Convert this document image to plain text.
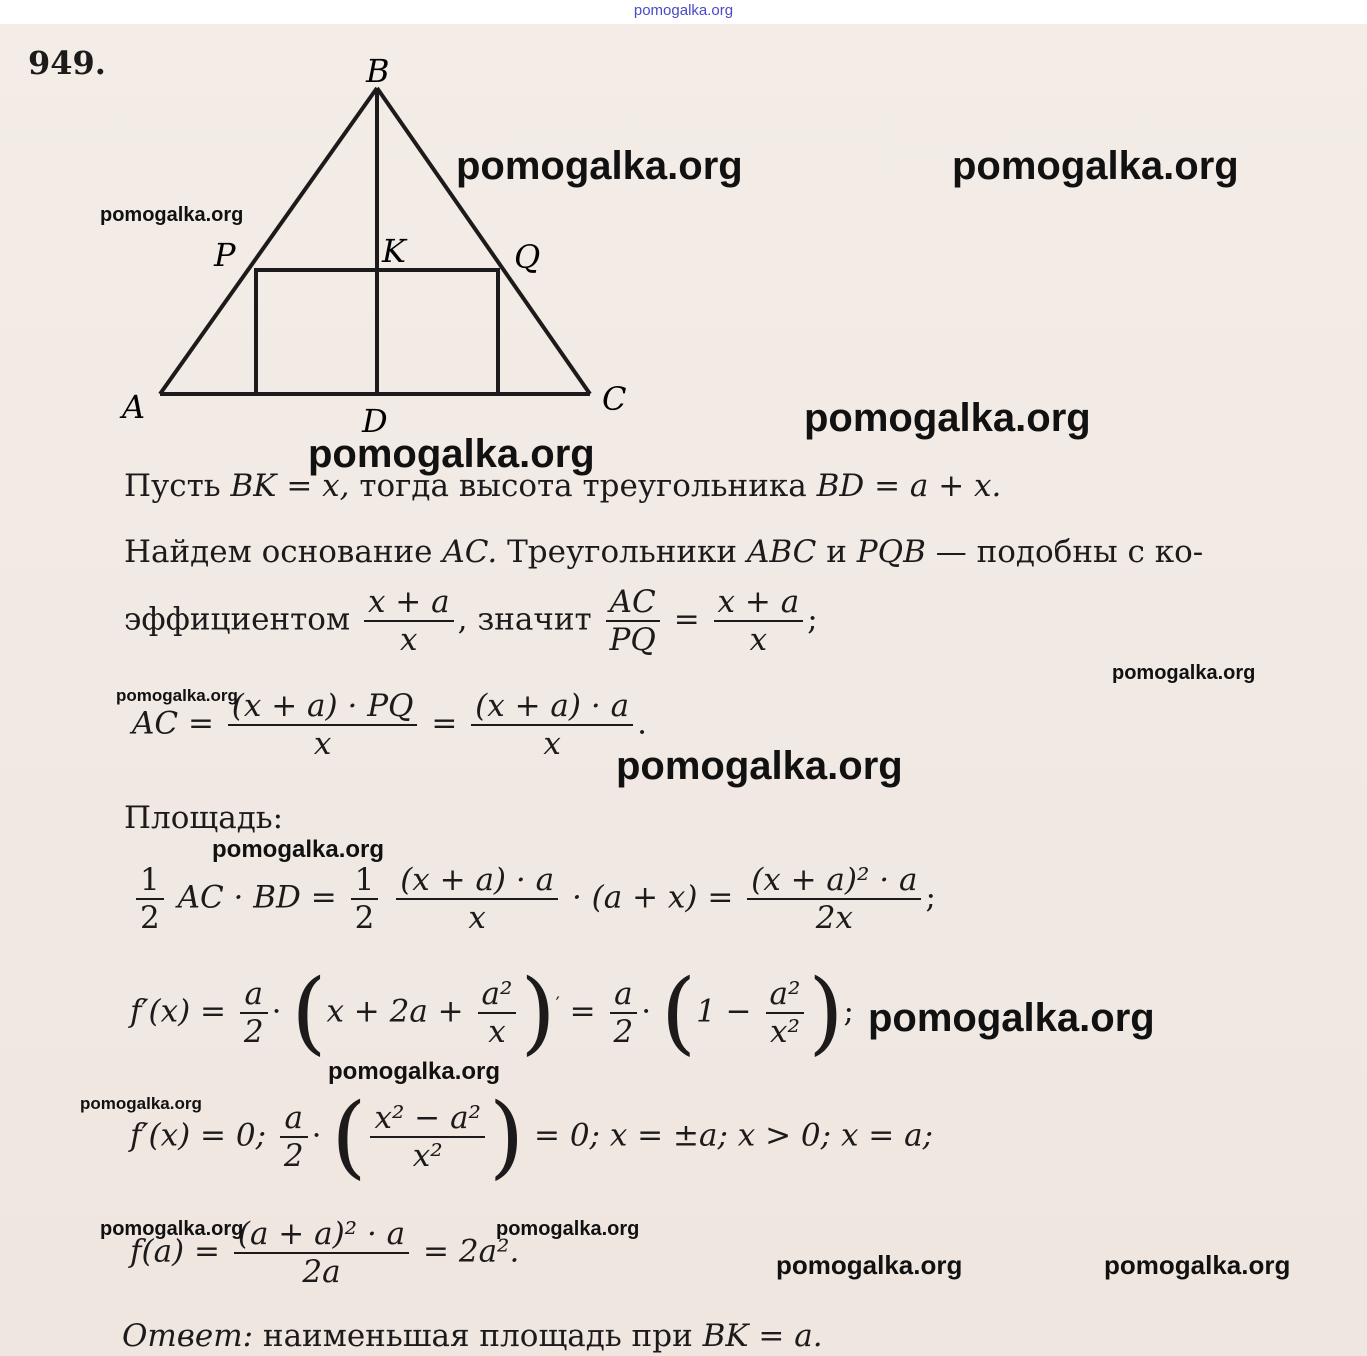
pomogalka.org
949.	B
P	K	Q
A	D
C
Пусть BK = x, тогда высота треугольника BD = a + x.
Найдем основание AC. Треугольники ABC и PQB — подобны с ко-
эффициентом $\frac{x + a}{x}$ , значит $\frac{AC}{PQ} = \frac{x + a}{x}$ ;
AC = $\frac{(x + a) \cdot PQ}{x} = \frac{(x + a) \cdot a}{x}$ .
Площадь:
$\frac{1}{2}$ AC · BD = $\frac{1}{2}$
$\frac{(x + a) \cdot a}{x} \cdot (a + x) = \frac{\text{(x + a)² · a}}{2x}$ ;
$f'(x) = \frac{a}{2} \cdot (x + 2a + \frac{\text{a²}}{x} )' = \frac{a}{2} \cdot (1 - \frac{\text{a²}}{\text{x²}}$ );
f′(x) = 0; $\frac{a}{2}$ · ( $\frac{\text{x² − a²}}{\text{x²}}$ ) = 0; x = ±a; x > 0; x = a;
$f(a) = \frac{\text{(a + a)² · a}}{2a} = 2a^2$.
Ответ: наименьшая площадь при BK = a.
pomogalka.org	pomogalka.org
pomogalka.org
pomogalka.org
pomogalka.org
pomogalka.org
pomogalka.org
pomogalka.org
pomogalka.org
pomogalka.org
pomogalka.org
pomogalka.org
pomogalka.org	pomogalka.org
pomogalka.org	pomogalka.org
